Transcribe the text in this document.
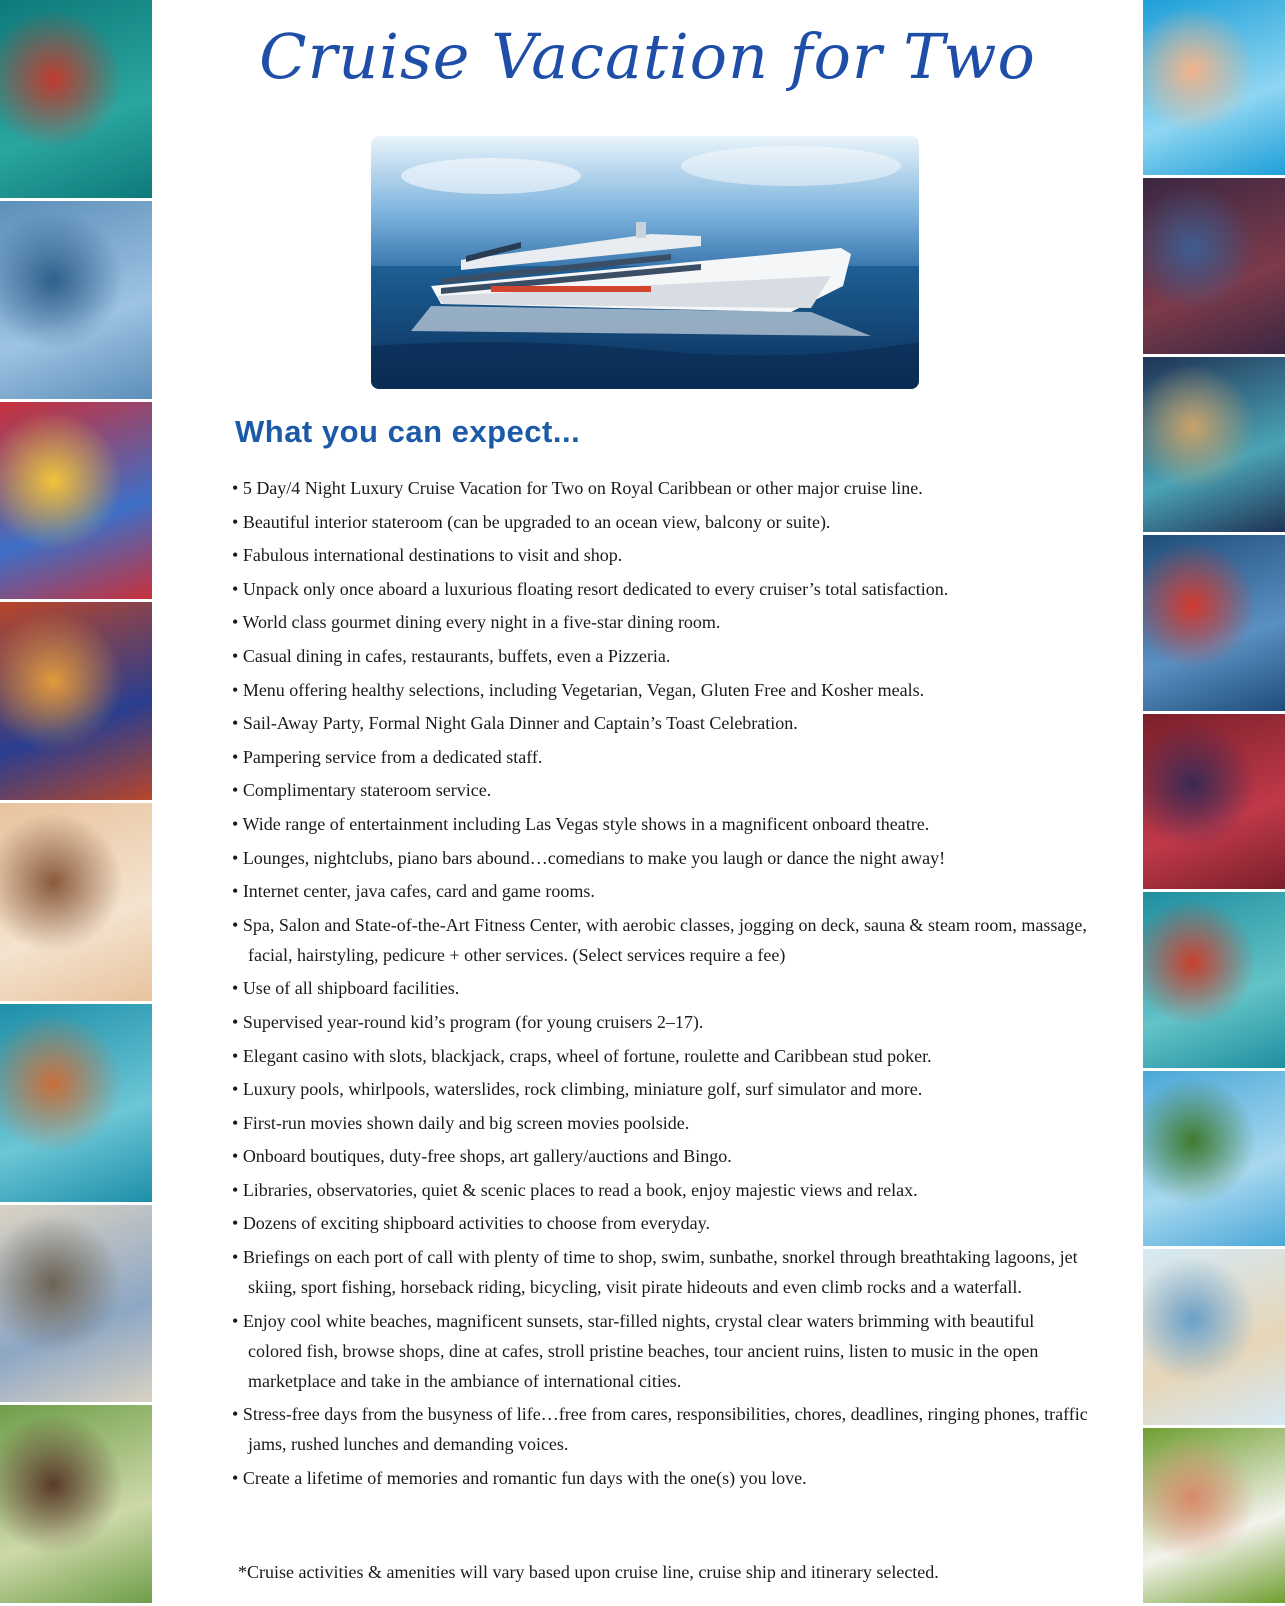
Cruise Vacation for Two
What you can expect...
• 5 Day/4 Night Luxury Cruise Vacation for Two on Royal Caribbean or other major cruise line.
• Beautiful interior stateroom (can be upgraded to an ocean view, balcony or suite).
• Fabulous international destinations to visit and shop.
• Unpack only once aboard a luxurious floating resort dedicated to every cruiser’s total satisfaction.
• World class gourmet dining every night in a five-star dining room.
• Casual dining in cafes, restaurants, buffets, even a Pizzeria.
• Menu offering healthy selections, including Vegetarian, Vegan, Gluten Free and Kosher meals.
• Sail-Away Party, Formal Night Gala Dinner and Captain’s Toast Celebration.
• Pampering service from a dedicated staff.
• Complimentary stateroom service.
• Wide range of entertainment including Las Vegas style shows in a magnificent onboard theatre.
• Lounges, nightclubs, piano bars abound…comedians to make you laugh or dance the night away!
• Internet center, java cafes, card and game rooms.
• Spa, Salon and State-of-the-Art Fitness Center, with aerobic classes, jogging on deck, sauna & steam room, massage, facial, hairstyling, pedicure + other services. (Select services require a fee)
• Use of all shipboard facilities.
• Supervised year-round kid’s program (for young cruisers 2–17).
• Elegant casino with slots, blackjack, craps, wheel of fortune, roulette and Caribbean stud poker.
• Luxury pools, whirlpools, waterslides, rock climbing, miniature golf, surf simulator and more.
• First-run movies shown daily and big screen movies poolside.
• Onboard boutiques, duty-free shops, art gallery/auctions and Bingo.
• Libraries, observatories, quiet & scenic places to read a book, enjoy majestic views and relax.
• Dozens of exciting shipboard activities to choose from everyday.
• Briefings on each port of call with plenty of time to shop, swim, sunbathe, snorkel through breathtaking lagoons, jet skiing, sport fishing, horseback riding, bicycling, visit pirate hideouts and even climb rocks and a waterfall.
• Enjoy cool white beaches, magnificent sunsets, star-filled nights, crystal clear waters brimming with beautiful colored fish, browse shops, dine at cafes, stroll pristine beaches, tour ancient ruins, listen to music in the open marketplace and take in the ambiance of international cities.
• Stress-free days from the busyness of life…free from cares, responsibilities, chores, deadlines, ringing phones, traffic jams, rushed lunches and demanding voices.
• Create a lifetime of memories and romantic fun days with the one(s) you love.
*Cruise activities & amenities will vary based upon cruise line, cruise ship and itinerary selected.
